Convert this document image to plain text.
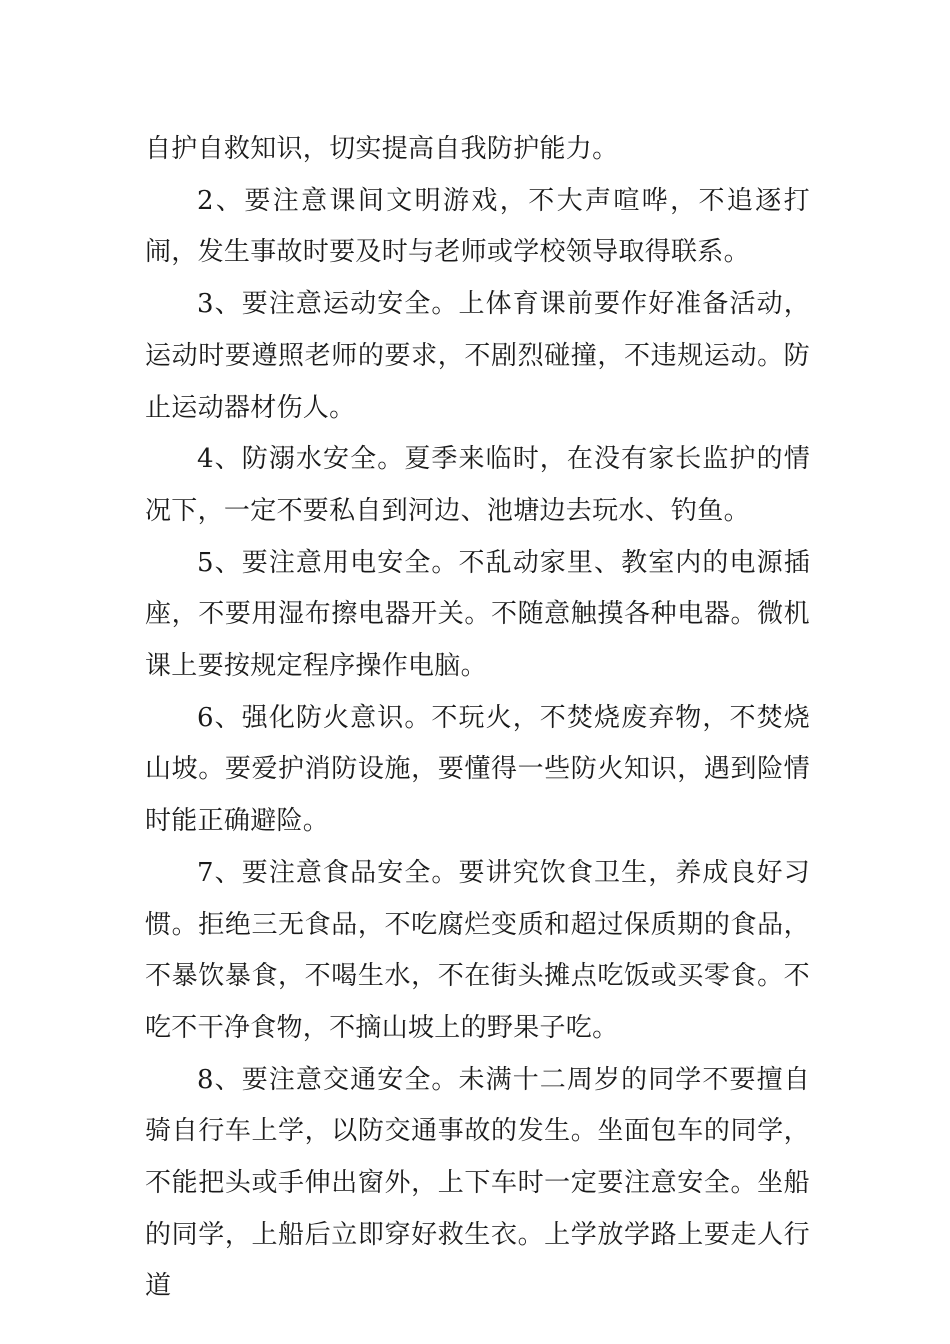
自护自救知识，切实提高自我防护能力。

2、要注意课间文明游戏，不大声喧哗，不追逐打闹，发生事故时要及时与老师或学校领导取得联系。

3、要注意运动安全。上体育课前要作好准备活动，运动时要遵照老师的要求，不剧烈碰撞，不违规运动。防止运动器材伤人。

4、防溺水安全。夏季来临时，在没有家长监护的情况下，一定不要私自到河边、池塘边去玩水、钓鱼。

5、要注意用电安全。不乱动家里、教室内的电源插座，不要用湿布擦电器开关。不随意触摸各种电器。微机课上要按规定程序操作电脑。

6、强化防火意识。不玩火，不焚烧废弃物，不焚烧山坡。要爱护消防设施，要懂得一些防火知识，遇到险情时能正确避险。

7、要注意食品安全。要讲究饮食卫生，养成良好习惯。拒绝三无食品，不吃腐烂变质和超过保质期的食品，不暴饮暴食，不喝生水，不在街头摊点吃饭或买零食。不吃不干净食物，不摘山坡上的野果子吃。

8、要注意交通安全。未满十二周岁的同学不要擅自骑自行车上学，以防交通事故的发生。坐面包车的同学，不能把头或手伸出窗外，上下车时一定要注意安全。坐船的同学，上船后立即穿好救生衣。上学放学路上要走人行道
